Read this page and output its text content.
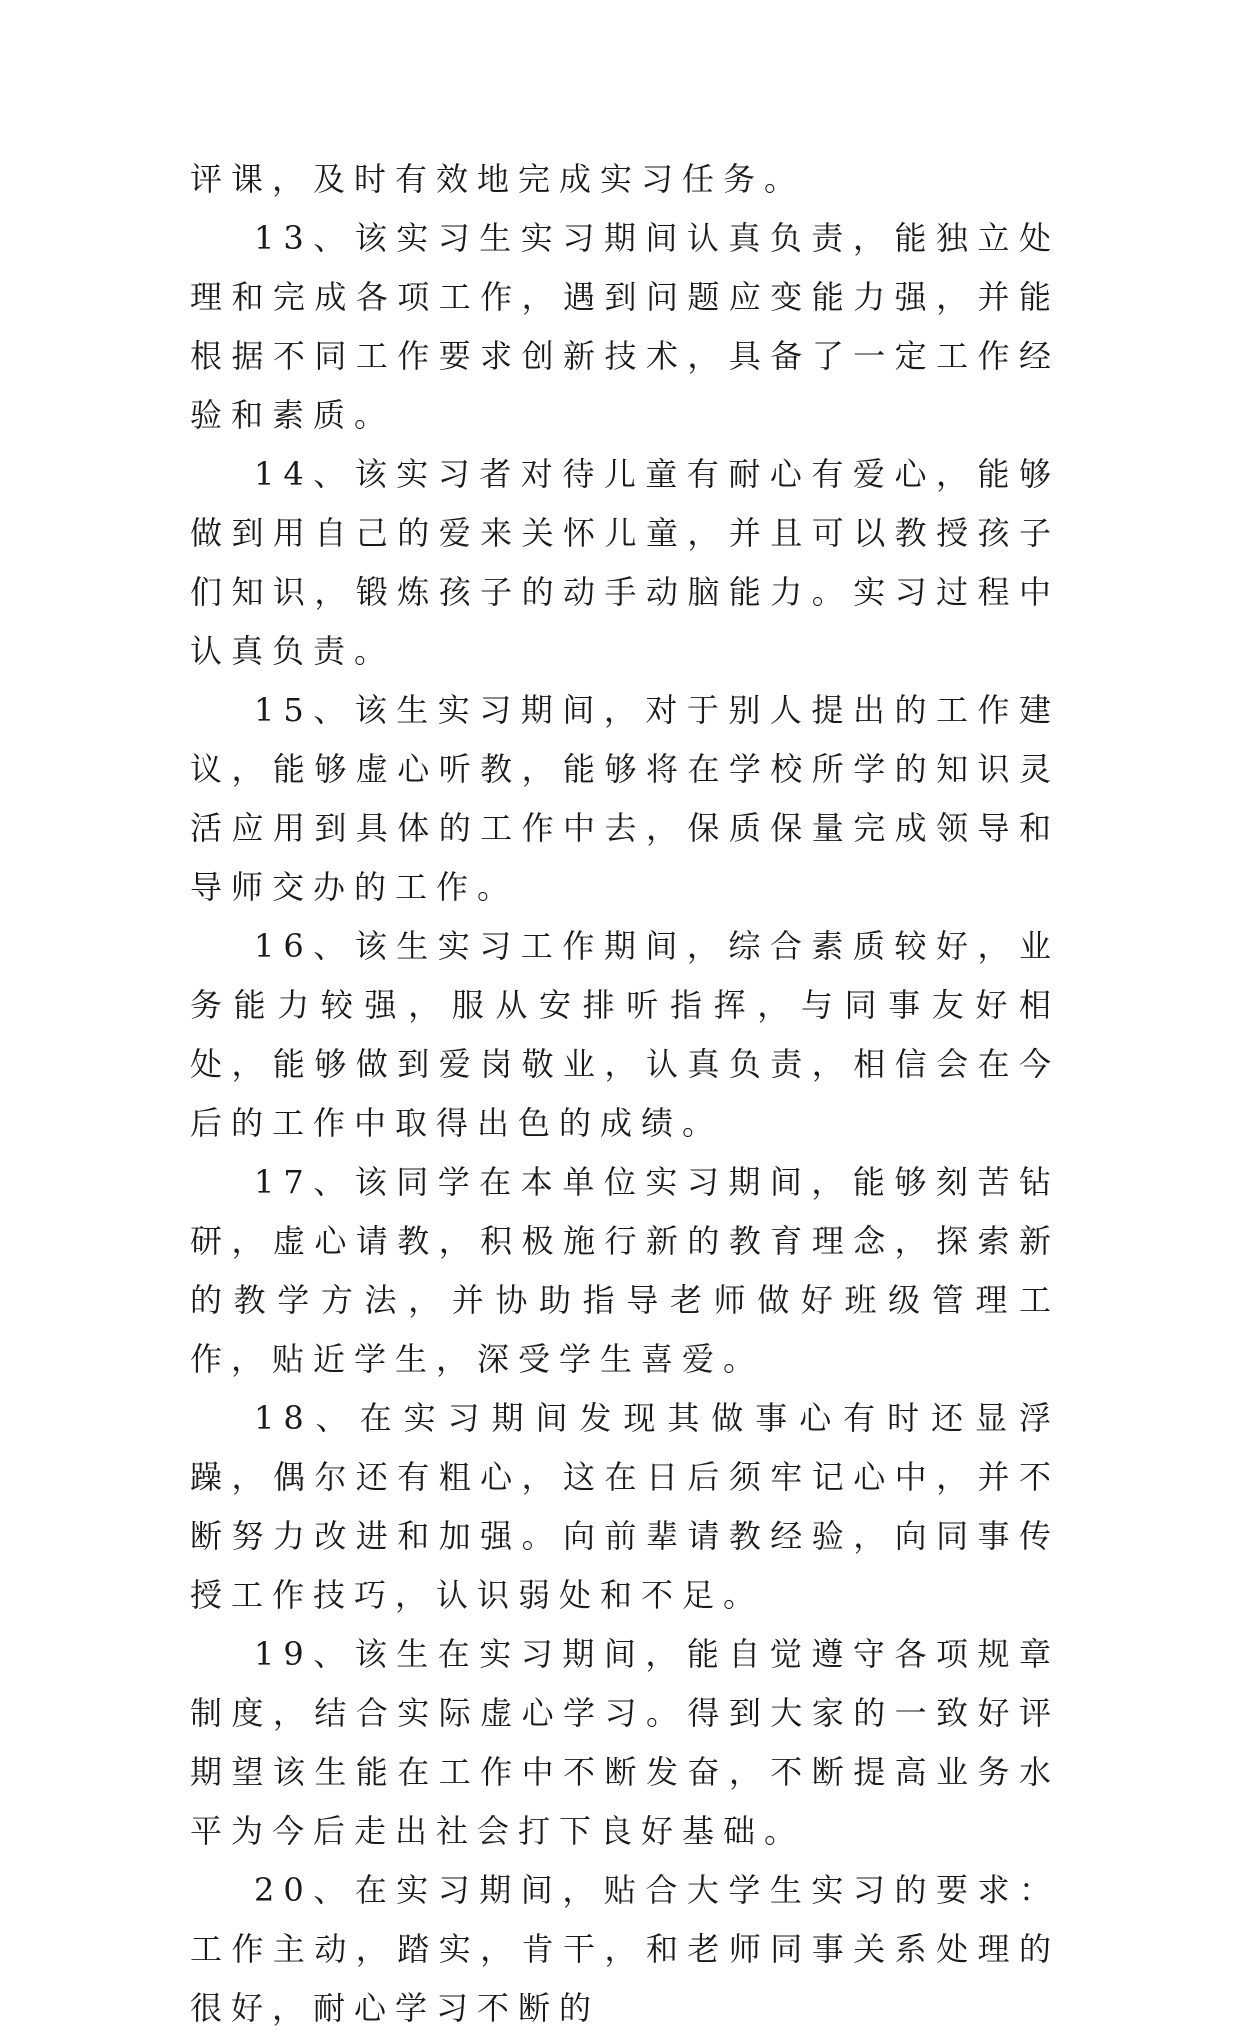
评课，及时有效地完成实习任务。

13、该实习生实习期间认真负责，能独立处理和完成各项工作，遇到问题应变能力强，并能根据不同工作要求创新技术，具备了一定工作经验和素质。

14、该实习者对待儿童有耐心有爱心，能够做到用自己的爱来关怀儿童，并且可以教授孩子们知识，锻炼孩子的动手动脑能力。实习过程中认真负责。

15、该生实习期间，对于别人提出的工作建议，能够虚心听教，能够将在学校所学的知识灵活应用到具体的工作中去，保质保量完成领导和导师交办的工作。

16、该生实习工作期间，综合素质较好，业务能力较强，服从安排听指挥，与同事友好相处，能够做到爱岗敬业，认真负责，相信会在今后的工作中取得出色的成绩。

17、该同学在本单位实习期间，能够刻苦钻研，虚心请教，积极施行新的教育理念，探索新的教学方法，并协助指导老师做好班级管理工作，贴近学生，深受学生喜爱。

18、在实习期间发现其做事心有时还显浮躁，偶尔还有粗心，这在日后须牢记心中，并不断努力改进和加强。向前辈请教经验，向同事传授工作技巧，认识弱处和不足。

19、该生在实习期间，能自觉遵守各项规章制度，结合实际虚心学习。得到大家的一致好评期望该生能在工作中不断发奋，不断提高业务水平为今后走出社会打下良好基础。

20、在实习期间，贴合大学生实习的要求：工作主动，踏实，肯干，和老师同事关系处理的很好，耐心学习不断的
